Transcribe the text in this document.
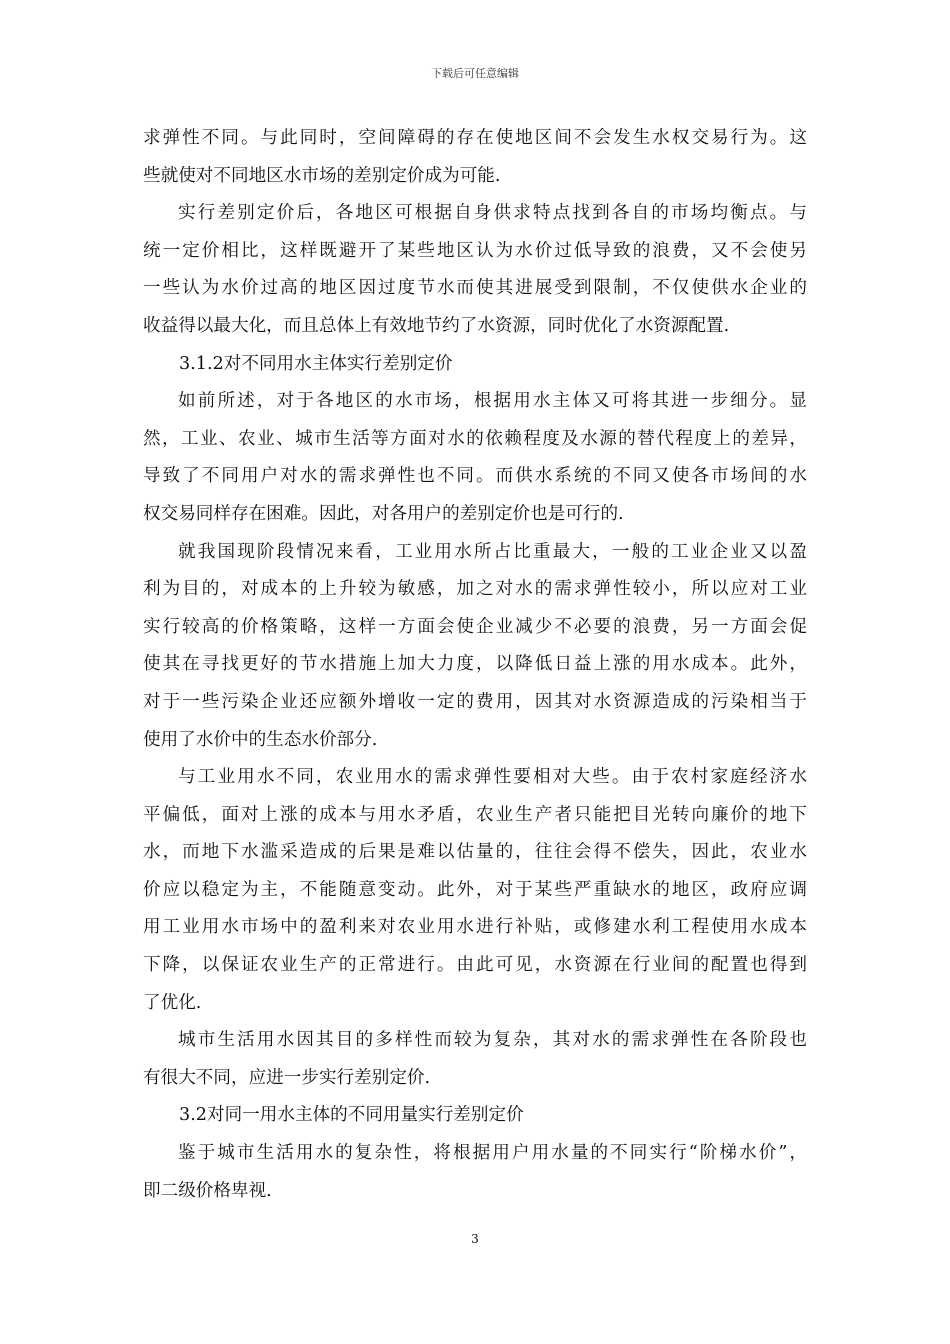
下载后可任意编辑
求弹性不同。与此同时，空间障碍的存在使地区间不会发生水权交易行为。这
些就使对不同地区水市场的差别定价成为可能.
实行差别定价后，各地区可根据自身供求特点找到各自的市场均衡点。与
统一定价相比，这样既避开了某些地区认为水价过低导致的浪费，又不会使另
一些认为水价过高的地区因过度节水而使其进展受到限制，不仅使供水企业的
收益得以最大化，而且总体上有效地节约了水资源，同时优化了水资源配置.
3.1.2对不同用水主体实行差别定价
如前所述，对于各地区的水市场，根据用水主体又可将其进一步细分。显
然，工业、农业、城市生活等方面对水的依赖程度及水源的替代程度上的差异，
导致了不同用户对水的需求弹性也不同。而供水系统的不同又使各市场间的水
权交易同样存在困难。因此，对各用户的差别定价也是可行的.
就我国现阶段情况来看，工业用水所占比重最大，一般的工业企业又以盈
利为目的，对成本的上升较为敏感，加之对水的需求弹性较小，所以应对工业
实行较高的价格策略，这样一方面会使企业减少不必要的浪费，另一方面会促
使其在寻找更好的节水措施上加大力度，以降低日益上涨的用水成本。此外，
对于一些污染企业还应额外增收一定的费用，因其对水资源造成的污染相当于
使用了水价中的生态水价部分.
与工业用水不同，农业用水的需求弹性要相对大些。由于农村家庭经济水
平偏低，面对上涨的成本与用水矛盾，农业生产者只能把目光转向廉价的地下
水，而地下水滥采造成的后果是难以估量的，往往会得不偿失，因此，农业水
价应以稳定为主，不能随意变动。此外，对于某些严重缺水的地区，政府应调
用工业用水市场中的盈利来对农业用水进行补贴，或修建水利工程使用水成本
下降，以保证农业生产的正常进行。由此可见，水资源在行业间的配置也得到
了优化.
城市生活用水因其目的多样性而较为复杂，其对水的需求弹性在各阶段也
有很大不同，应进一步实行差别定价.
3.2对同一用水主体的不同用量实行差别定价
鉴于城市生活用水的复杂性，将根据用户用水量的不同实行“阶梯水价”，
即二级价格卑视.
3
